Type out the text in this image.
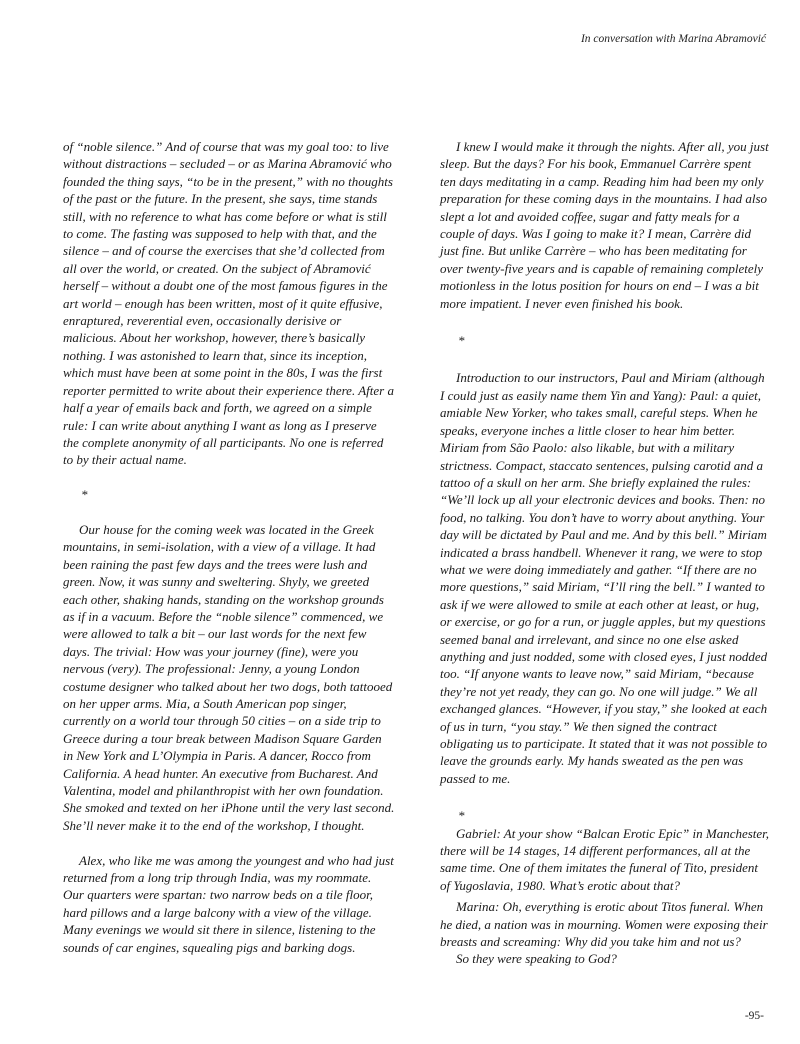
In conversation with Marina Abramović

of “noble silence.” And of course that was my goal too: to live without distractions – secluded – or as Marina Abramović who founded the thing says, “to be in the present,” with no thoughts of the past or the future. In the present, she says, time stands still, with no reference to what has come before or what is still to come. The fasting was supposed to help with that, and the silence – and of course the exercises that she’d collected from all over the world, or created. On the subject of Abramović herself – without a doubt one of the most famous figures in the art world – enough has been written, most of it quite effusive, enraptured, reverential even, occasionally derisive or malicious. About her workshop, however, there’s basically nothing. I was astonished to learn that, since its inception, which must have been at some point in the 80s, I was the first reporter permitted to write about their experience there. After a half a year of emails back and forth, we agreed on a simple rule: I can write about anything I want as long as I preserve the complete anonymity of all participants. No one is referred to by their actual name.

*

Our house for the coming week was located in the Greek mountains, in semi-isolation, with a view of a village. It had been raining the past few days and the trees were lush and green. Now, it was sunny and sweltering. Shyly, we greeted each other, shaking hands, standing on the workshop grounds as if in a vacuum. Before the “noble silence” commenced, we were allowed to talk a bit – our last words for the next few days. The trivial: How was your journey (fine), were you nervous (very). The professional: Jenny, a young London costume designer who talked about her two dogs, both tattooed on her upper arms. Mia, a South American pop singer, currently on a world tour through 50 cities – on a side trip to Greece during a tour break between Madison Square Garden in New York and L’Olympia in Paris. A dancer, Rocco from California. A head hunter. An executive from Bucharest. And Valentina, model and philanthropist with her own foundation. She smoked and texted on her iPhone until the very last second. She’ll never make it to the end of the workshop, I thought.

Alex, who like me was among the youngest and who had just returned from a long trip through India, was my roommate. Our quarters were spartan: two narrow beds on a tile floor, hard pillows and a large balcony with a view of the village. Many evenings we would sit there in silence, listening to the sounds of car engines, squealing pigs and barking dogs.

I knew I would make it through the nights. After all, you just sleep. But the days? For his book, Emmanuel Carrère spent ten days meditating in a camp. Reading him had been my only preparation for these coming days in the mountains. I had also slept a lot and avoided coffee, sugar and fatty meals for a couple of days. Was I going to make it? I mean, Carrère did just fine. But unlike Carrère – who has been meditating for over twenty-five years and is capable of remaining completely motionless in the lotus position for hours on end – I was a bit more impatient. I never even finished his book.

*

Introduction to our instructors, Paul and Miriam (although I could just as easily name them Yin and Yang): Paul: a quiet, amiable New Yorker, who takes small, careful steps. When he speaks, everyone inches a little closer to hear him better. Miriam from São Paolo: also likable, but with a military strictness. Compact, staccato sentences, pulsing carotid and a tattoo of a skull on her arm. She briefly explained the rules: “We’ll lock up all your electronic devices and books. Then: no food, no talking. You don’t have to worry about anything. Your day will be dictated by Paul and me. And by this bell.” Miriam indicated a brass handbell. Whenever it rang, we were to stop what we were doing immediately and gather. “If there are no more questions,” said Miriam, “I’ll ring the bell.” I wanted to ask if we were allowed to smile at each other at least, or hug, or exercise, or go for a run, or juggle apples, but my questions seemed banal and irrelevant, and since no one else asked anything and just nodded, some with closed eyes, I just nodded too. “If anyone wants to leave now,” said Miriam, “because they’re not yet ready, they can go. No one will judge.” We all exchanged glances. “However, if you stay,” she looked at each of us in turn, “you stay.” We then signed the contract obligating us to participate. It stated that it was not possible to leave the grounds early. My hands sweated as the pen was passed to me.

*

Gabriel: At your show “Balcan Erotic Epic” in Manchester, there will be 14 stages, 14 different performances, all at the same time. One of them imitates the funeral of Tito, president of Yugoslavia, 1980. What’s erotic about that?

Marina: Oh, everything is erotic about Titos funeral. When he died, a nation was in mourning. Women were exposing their breasts and screaming: Why did you take him and not us?

So they were speaking to God?

-95-
